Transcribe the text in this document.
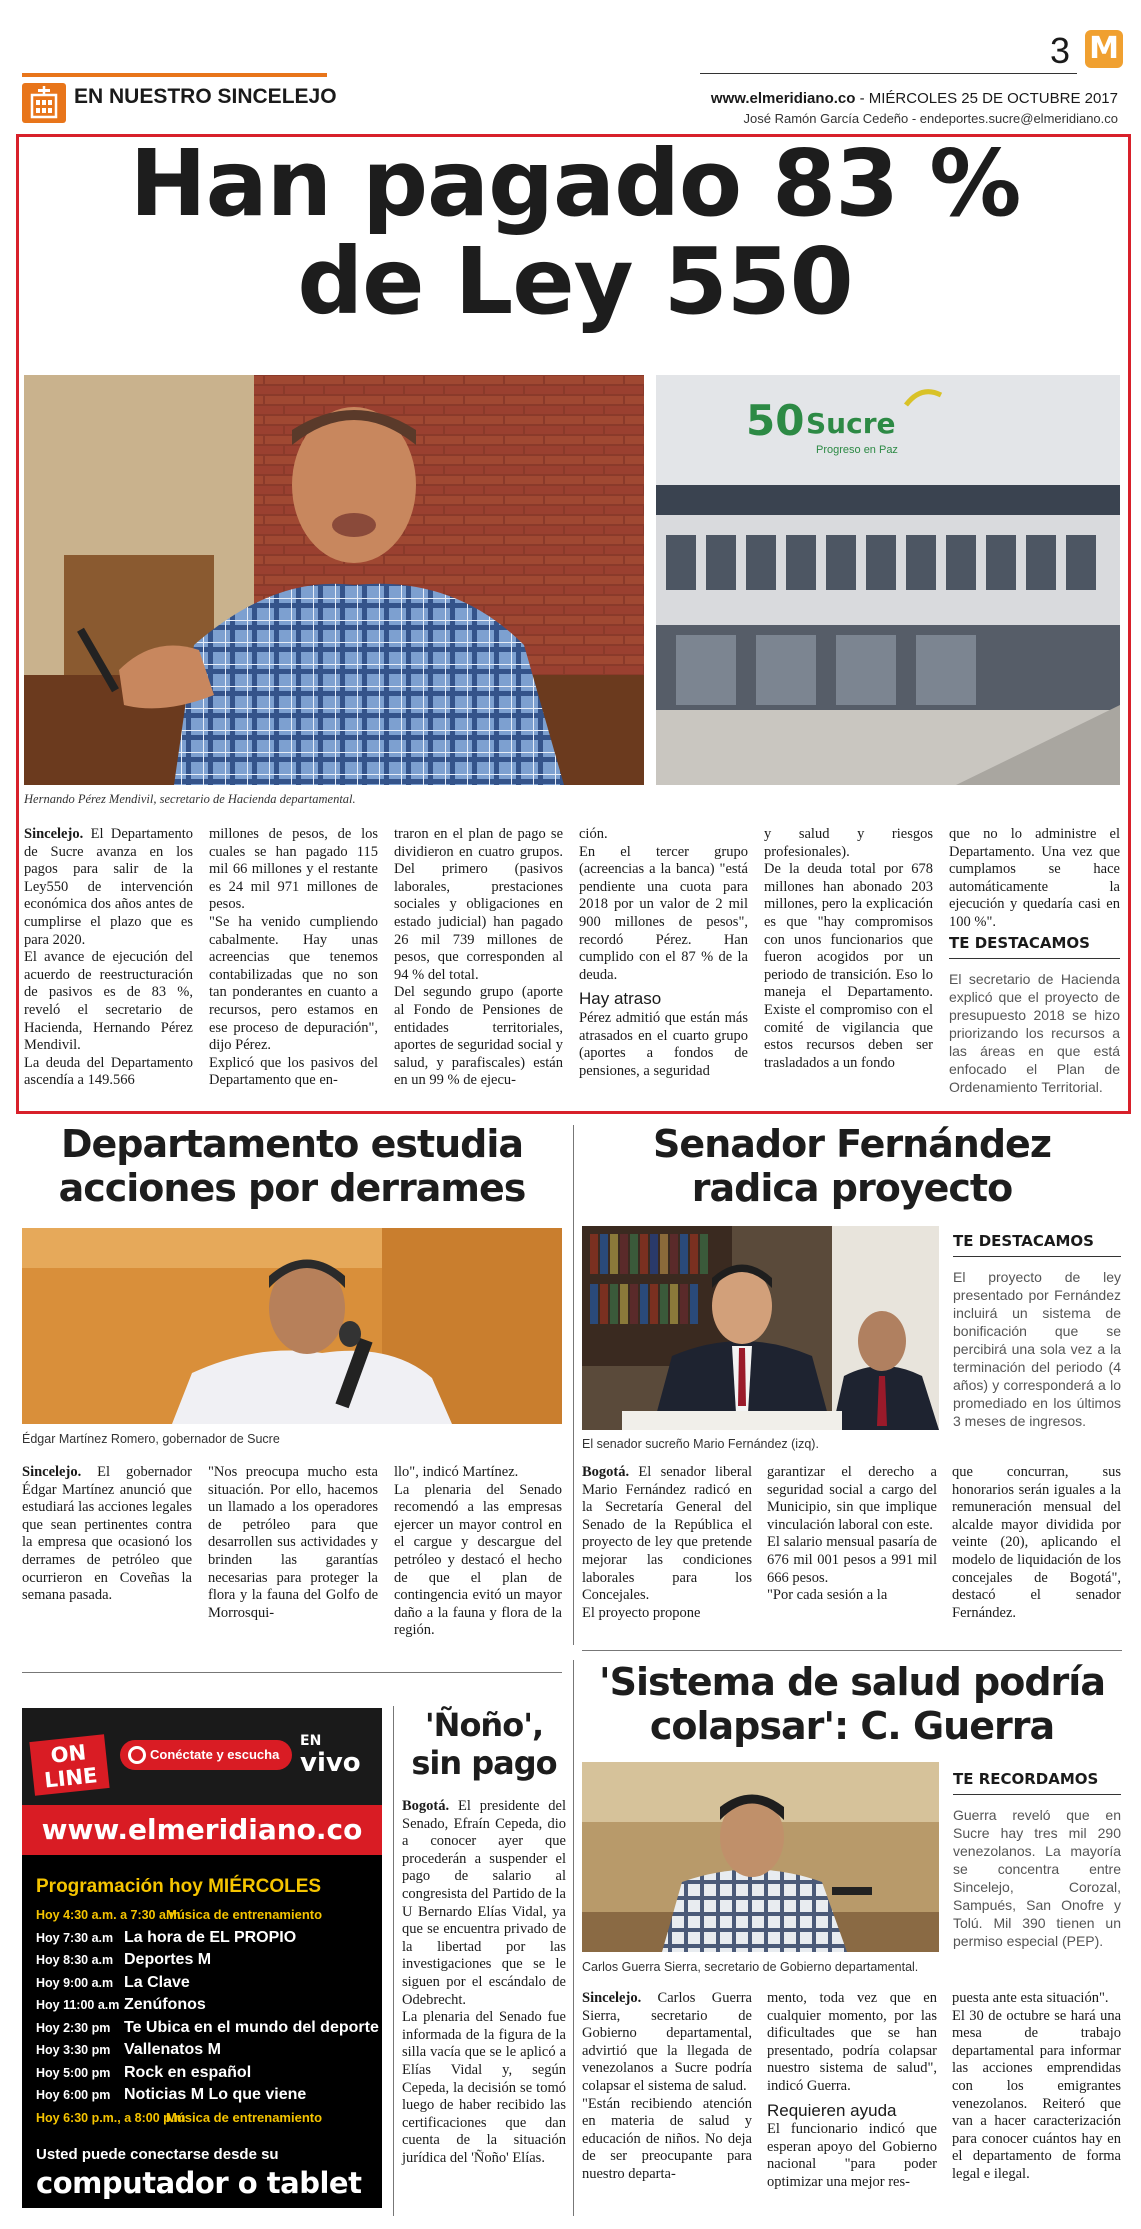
EN NUESTRO SINCELEJO
3 M
www.elmeridiano.co - MIÉRCOLES 25 DE OCTUBRE 2017
José Ramón García Cedeño - endeportes.sucre@elmeridiano.co
Han pagado 83 %
de Ley 550
50 Sucre
Progreso en Paz
Hernando Pérez Mendivil, secretario de Hacienda departamental.

Sincelejo. El Departamento de Sucre avanza en los pagos para salir de la Ley550 de intervención económica dos años antes de cumplirse el plazo que es para 2020.

El avance de ejecución del acuerdo de reestructuración de pasivos es de 83 %, reveló el secretario de Hacienda, Hernando Pérez Mendivil.

La deuda del Departamento ascendía a 149.566

millones de pesos, de los cuales se han pagado 115 mil 66 millones y el restante es 24 mil 971 millones de pesos.

"Se ha venido cumpliendo cabalmente. Hay unas acreencias que tenemos contabilizadas que no son tan ponderantes en cuanto a recursos, pero estamos en ese proceso de depuración", dijo Pérez.

Explicó que los pasivos del Departamento que en-

traron en el plan de pago se dividieron en cuatro grupos. Del primero (pasivos laborales, prestaciones sociales y obligaciones en estado judicial) han pagado 26 mil 739 millones de pesos, que corresponden al 94 % del total.

Del segundo grupo (aporte al Fondo de Pensiones de entidades territoriales, aportes de seguridad social y salud, y parafiscales) están en un 99 % de ejecu-

ción.

En el tercer grupo (acreencias a la banca) "está pendiente una cuota para 2018 por un valor de 2 mil 900 millones de pesos", recordó Pérez. Han cumplido con el 87 % de la deuda.

Hay atraso

Pérez admitió que están más atrasados en el cuarto grupo (aportes a fondos de pensiones, a seguridad

y salud y riesgos profesionales).

De la deuda total por 678 millones han abonado 203 millones, pero la explicación es que "hay compromisos con unos funcionarios que fueron acogidos por un periodo de transición. Eso lo maneja el Departamento. Existe el compromiso con el comité de vigilancia que estos recursos deben ser trasladados a un fondo

que no lo administre el Departamento. Una vez que cumplamos se hace automáticamente la ejecución y quedaría casi en 100 %".

TE DESTACAMOS
El secretario de Hacienda explicó que el proyecto de presupuesto 2018 se hizo priorizando los recursos a las áreas en que está enfocado el Plan de Ordenamiento Territorial.
Departamento estudia
acciones por derrames
Édgar Martínez Romero, gobernador de Sucre

Sincelejo. El gobernador Édgar Martínez anunció que estudiará las acciones legales que sean pertinentes contra la empresa que ocasionó los derrames de petróleo que ocurrieron en Coveñas la semana pasada.

"Nos preocupa mucho esta situación. Por ello, hacemos un llamado a los operadores de petróleo para que desarrollen sus actividades y brinden las garantías necesarias para proteger la flora y la fauna del Golfo de Morrosqui-

llo", indicó Martínez.

La plenaria del Senado recomendó a las empresas ejercer un mayor control en el cargue y descargue del petróleo y destacó el hecho de que el plan de contingencia evitó un mayor daño a la fauna y flora de la región.

Senador Fernández
radica proyecto
El senador sucreño Mario Fernández (izq).
TE DESTACAMOS
El proyecto de ley presentado por Fernández incluirá un sistema de bonificación que se percibirá una sola vez a la terminación del periodo (4 años) y corresponderá a lo promediado en los últimos 3 meses de ingresos.

Bogotá. El senador liberal Mario Fernández radicó en la Secretaría General del Senado de la República el proyecto de ley que pretende mejorar las condiciones laborales para los Concejales.

El proyecto propone

garantizar el derecho a seguridad social a cargo del Municipio, sin que implique vinculación laboral con este.

El salario mensual pasaría de 676 mil 001 pesos a 991 mil 666 pesos.

"Por cada sesión a la

que concurran, sus honorarios serán iguales a la remuneración mensual del alcalde mayor dividida por veinte (20), aplicando el modelo de liquidación de los concejales de Bogotá", destacó el senador Fernández.

ON LINE
Conéctate y escucha
EN
vivo
www.elmeridiano.co
Programación hoy MIÉRCOLES
Hoy 4:30 a.m. a 7:30 a.mMúsica de entrenamiento
Hoy 7:30 a.m La hora de EL PROPIO
Hoy 8:30 a.m Deportes M
Hoy 9:00 a.m La Clave
Hoy 11:00 a.m Zenúfonos
Hoy 2:30 pm Te Ubica en el mundo del deporte
Hoy 3:30 pm Vallenatos M
Hoy 5:00 pm Rock en español
Hoy 6:00 pm Noticias M Lo que viene
Hoy 6:30 p.m., a 8:00 p.mMúsica de entrenamiento
Usted puede conectarse desde su
computador o tablet
'Ñoño',
sin pago

Bogotá. El presidente del Senado, Efraín Cepeda, dio a conocer ayer que procederán a suspender el pago de salario al congresista del Partido de la U Bernardo Elías Vidal, ya que se encuentra privado de la libertad por las investigaciones que se le siguen por el escándalo de Odebrecht.

La plenaria del Senado fue informada de la figura de la silla vacía que se le aplicó a Elías Vidal y, según Cepeda, la decisión se tomó luego de haber recibido las certificaciones que dan cuenta de la situación jurídica del 'Ñoño' Elías.

'Sistema de salud podría
colapsar': C. Guerra
Carlos Guerra Sierra, secretario de Gobierno departamental.
TE RECORDAMOS
Guerra reveló que en Sucre hay tres mil 290 venezolanos. La mayoría se concentra entre Sincelejo, Corozal, Sampués, San Onofre y Tolú. Mil 390 tienen un permiso especial (PEP).

Sincelejo. Carlos Guerra Sierra, secretario de Gobierno departamental, advirtió que la llegada de venezolanos a Sucre podría colapsar el sistema de salud.

"Están recibiendo atención en materia de salud y educación de niños. No deja de ser preocupante para nuestro departa-

mento, toda vez que en cualquier momento, por las dificultades que se han presentado, podría colapsar nuestro sistema de salud", indicó Guerra.

Requieren ayuda

El funcionario indicó que esperan apoyo del Gobierno nacional "para poder optimizar una mejor res-

puesta ante esta situación".

El 30 de octubre se hará una mesa de trabajo departamental para informar las acciones emprendidas con los emigrantes venezolanos. Reiteró que van a hacer caracterización para conocer cuántos hay en el departamento de forma legal e ilegal.
